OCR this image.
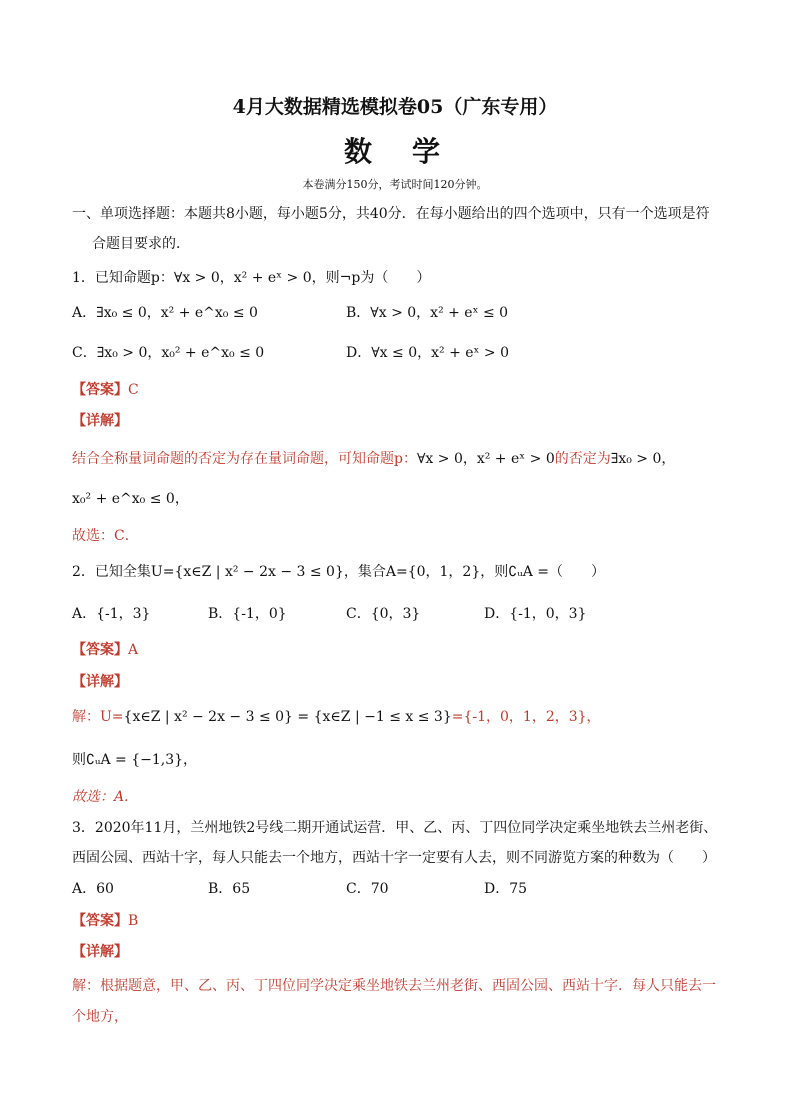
4月大数据精选模拟卷05（广东专用）
数　学
本卷满分150分，考试时间120分钟。
一、单项选择题：本题共8小题，每小题5分，共40分．在每小题给出的四个选项中，只有一个选项是符
合题目要求的．
1．已知命题p：∀x > 0，x² + eˣ > 0，则¬p为（　　）
A．∃x₀ ≤ 0，x² + e^x₀ ≤ 0	B．∀x > 0，x² + eˣ ≤ 0
C．∃x₀ > 0，x₀² + e^x₀ ≤ 0	D．∀x ≤ 0，x² + eˣ > 0
【答案】C
【详解】
结合全称量词命题的否定为存在量词命题，可知命题p：∀x > 0，x² + eˣ > 0的否定为∃x₀ > 0，
x₀² + e^x₀ ≤ 0，
故选：C．
2．已知全集U={x∈Z | x² − 2x − 3 ≤ 0}，集合A={0，1，2}，则∁ᵤA =（　　）
A．{-1，3}	B．{-1，0}	C．{0，3}	D．{-1，0，3}
【答案】A
【详解】
解：U={x∈Z | x² − 2x − 3 ≤ 0} = {x∈Z | −1 ≤ x ≤ 3}={-1，0，1，2，3}，
则∁ᵤA = {−1,3}，
故选：A.
3．2020年11月，兰州地铁2号线二期开通试运营．甲、乙、丙、丁四位同学决定乘坐地铁去兰州老街、
西固公园、西站十字，每人只能去一个地方，西站十字一定要有人去，则不同游览方案的种数为（　　）
A．60	B．65	C．70	D．75
【答案】B
【详解】
解：根据题意，甲、乙、丙、丁四位同学决定乘坐地铁去兰州老街、西固公园、西站十字．每人只能去一
个地方，
